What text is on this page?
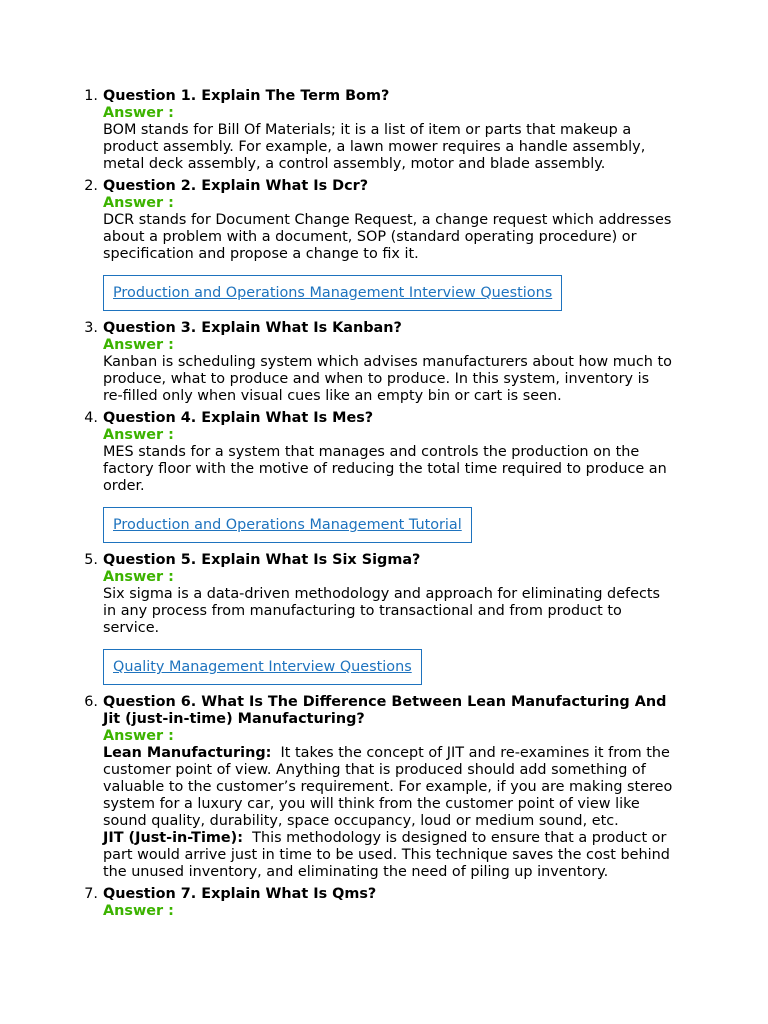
1. Question 1. Explain The Term Bom?
Answer :

BOM stands for Bill Of Materials; it is a list of item or parts that makeup a product assembly. For example, a lawn mower requires a handle assembly, metal deck assembly, a control assembly, motor and blade assembly.

2. Question 2. Explain What Is Dcr?
Answer :

DCR stands for Document Change Request, a change request which addresses about a problem with a document, SOP (standard operating procedure) or specification and propose a change to fix it.

Production and Operations Management Interview Questions
3. Question 3. Explain What Is Kanban?
Answer :

Kanban is scheduling system which advises manufacturers about how much to produce, what to produce and when to produce. In this system, inventory is re-filled only when visual cues like an empty bin or cart is seen.

4. Question 4. Explain What Is Mes?
Answer :

MES stands for a system that manages and controls the production on the factory floor with the motive of reducing the total time required to produce an order.

Production and Operations Management Tutorial
5. Question 5. Explain What Is Six Sigma?
Answer :

Six sigma is a data-driven methodology and approach for eliminating defects in any process from manufacturing to transactional and from product to service.

Quality Management Interview Questions
6. Question 6. What Is The Difference Between Lean Manufacturing And Jit (just-in-time) Manufacturing?
Answer :

Lean Manufacturing: It takes the concept of JIT and re-examines it from the customer point of view. Anything that is produced should add something of valuable to the customer’s requirement. For example, if you are making stereo system for a luxury car, you will think from the customer point of view like sound quality, durability, space occupancy, loud or medium sound, etc.

JIT (Just-in-Time): This methodology is designed to ensure that a product or part would arrive just in time to be used. This technique saves the cost behind the unused inventory, and eliminating the need of piling up inventory.

7. Question 7. Explain What Is Qms?
Answer :
